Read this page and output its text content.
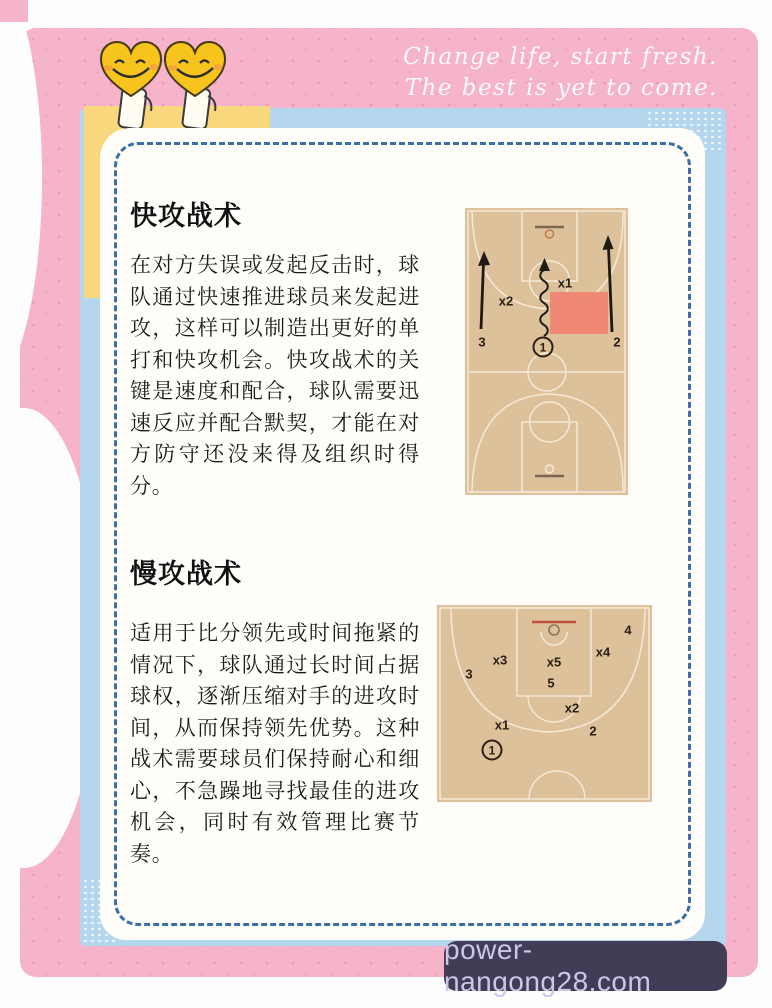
Change life, start fresh.
The best is yet to come.
快攻战术

在对方失误或发起反击时，球队通过快速推进球员来发起进攻，这样可以制造出更好的单打和快攻机会。快攻战术的关键是速度和配合，球队需要迅速反应并配合默契，才能在对方防守还没来得及组织时得分。

x2
x1
3	2
1
慢攻战术

适用于比分领先或时间拖紧的情况下，球队通过长时间占据球权，逐渐压缩对手的进攻时间，从而保持领先优势。这种战术需要球员们保持耐心和细心，不急躁地寻找最佳的进攻机会，同时有效管理比赛节奏。

4
x4
x3	x5
3
5
x2
x1	2
1
power-nangong28.com
